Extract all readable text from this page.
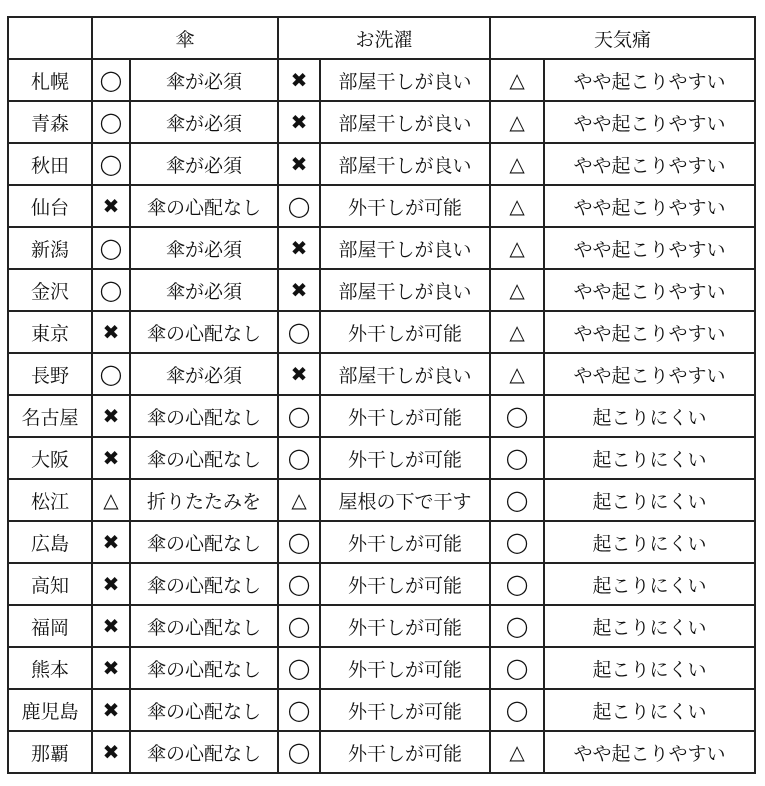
	傘		お洗濯		天気痛	
札幌	◯	傘が必須	✖	部屋干しが良い	△	やや起こりやすい
青森	◯	傘が必須	✖	部屋干しが良い	△	やや起こりやすい
秋田	◯	傘が必須	✖	部屋干しが良い	△	やや起こりやすい
仙台	✖	傘の心配なし	◯	外干しが可能	△	やや起こりやすい
新潟	◯	傘が必須	✖	部屋干しが良い	△	やや起こりやすい
金沢	◯	傘が必須	✖	部屋干しが良い	△	やや起こりやすい
東京	✖	傘の心配なし	◯	外干しが可能	△	やや起こりやすい
長野	◯	傘が必須	✖	部屋干しが良い	△	やや起こりやすい
名古屋	✖	傘の心配なし	◯	外干しが可能	◯	起こりにくい
大阪	✖	傘の心配なし	◯	外干しが可能	◯	起こりにくい
松江	△	折りたたみを	△	屋根の下で干す	◯	起こりにくい
広島	✖	傘の心配なし	◯	外干しが可能	◯	起こりにくい
高知	✖	傘の心配なし	◯	外干しが可能	◯	起こりにくい
福岡	✖	傘の心配なし	◯	外干しが可能	◯	起こりにくい
熊本	✖	傘の心配なし	◯	外干しが可能	◯	起こりにくい
鹿児島	✖	傘の心配なし	◯	外干しが可能	◯	起こりにくい
那覇	✖	傘の心配なし	◯	外干しが可能	△	やや起こりやすい
